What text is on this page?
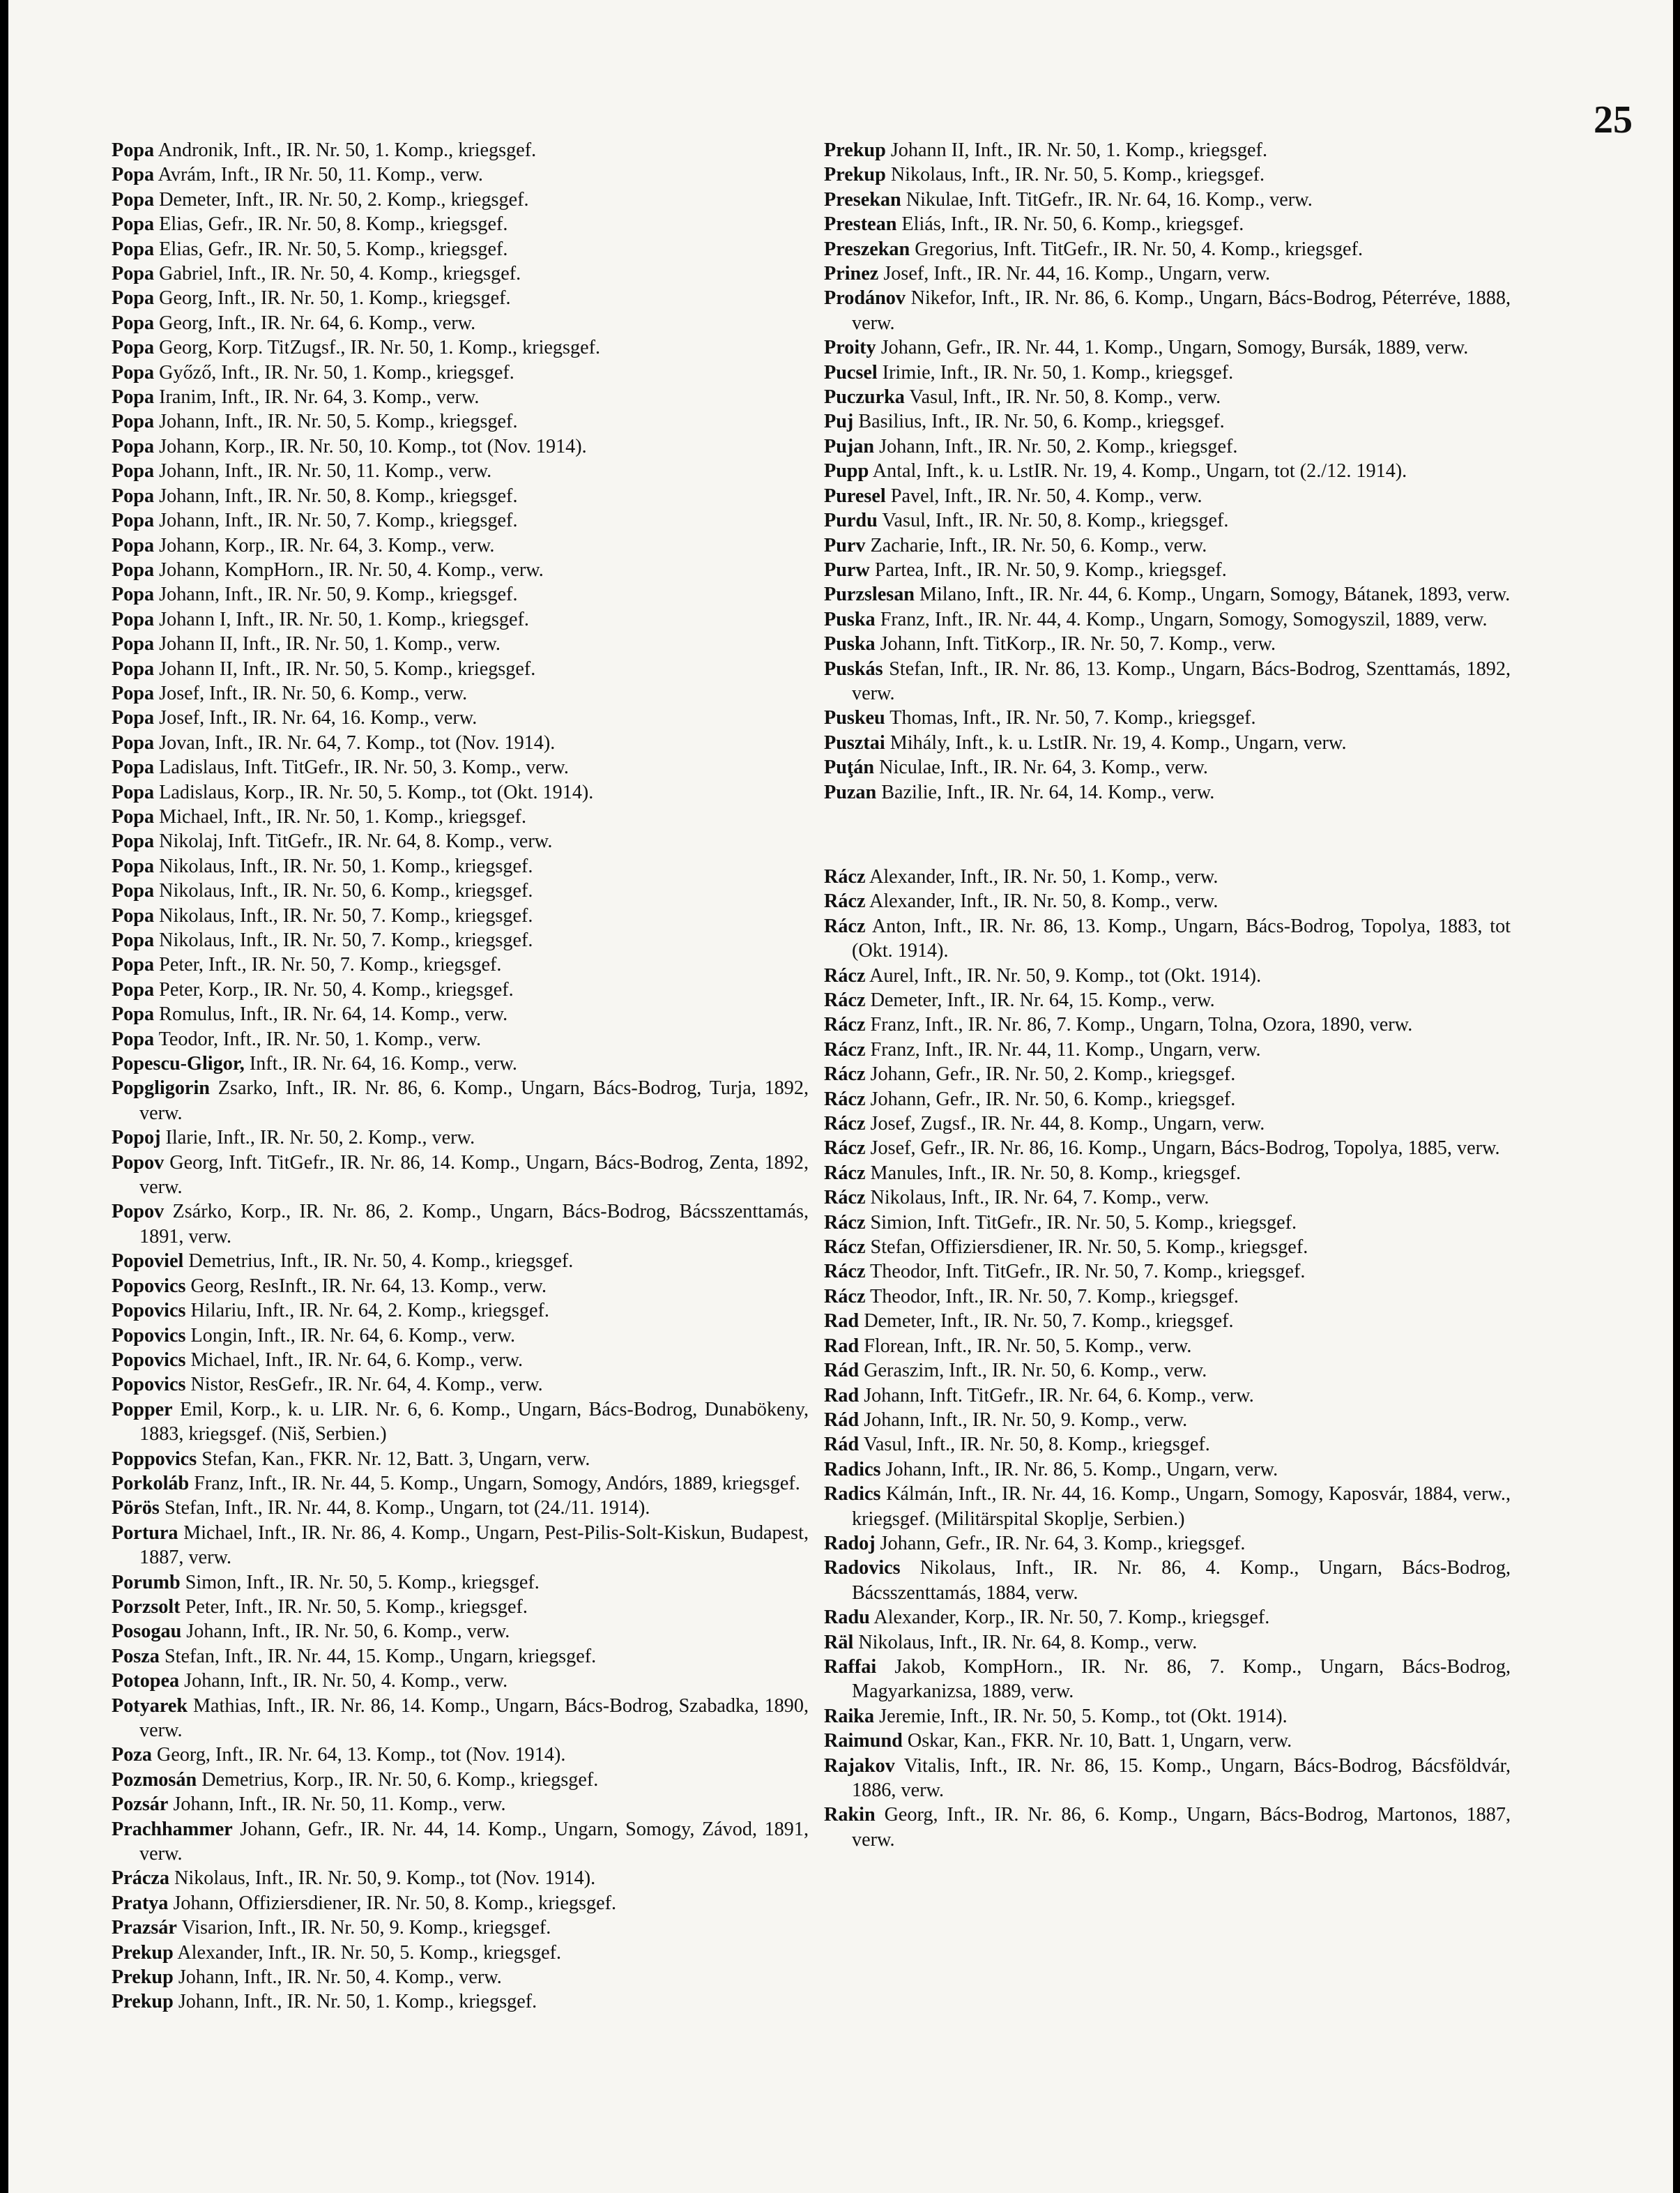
25
Popa Andronik, Inft., IR. Nr. 50, 1. Komp., kriegsgef.
Popa Avrám, Inft., IR Nr. 50, 11. Komp., verw.
Popa Demeter, Inft., IR. Nr. 50, 2. Komp., kriegsgef.
Popa Elias, Gefr., IR. Nr. 50, 8. Komp., kriegsgef.
Popa Elias, Gefr., IR. Nr. 50, 5. Komp., kriegsgef.
Popa Gabriel, Inft., IR. Nr. 50, 4. Komp., kriegsgef.
Popa Georg, Inft., IR. Nr. 50, 1. Komp., kriegsgef.
Popa Georg, Inft., IR. Nr. 64, 6. Komp., verw.
Popa Georg, Korp. TitZugsf., IR. Nr. 50, 1. Komp., kriegsgef.
Popa Győző, Inft., IR. Nr. 50, 1. Komp., kriegsgef.
Popa Iranim, Inft., IR. Nr. 64, 3. Komp., verw.
Popa Johann, Inft., IR. Nr. 50, 5. Komp., kriegsgef.
Popa Johann, Korp., IR. Nr. 50, 10. Komp., tot (Nov. 1914).
Popa Johann, Inft., IR. Nr. 50, 11. Komp., verw.
Popa Johann, Inft., IR. Nr. 50, 8. Komp., kriegsgef.
Popa Johann, Inft., IR. Nr. 50, 7. Komp., kriegsgef.
Popa Johann, Korp., IR. Nr. 64, 3. Komp., verw.
Popa Johann, KompHorn., IR. Nr. 50, 4. Komp., verw.
Popa Johann, Inft., IR. Nr. 50, 9. Komp., kriegsgef.
Popa Johann I, Inft., IR. Nr. 50, 1. Komp., kriegsgef.
Popa Johann II, Inft., IR. Nr. 50, 1. Komp., verw.
Popa Johann II, Inft., IR. Nr. 50, 5. Komp., kriegsgef.
Popa Josef, Inft., IR. Nr. 50, 6. Komp., verw.
Popa Josef, Inft., IR. Nr. 64, 16. Komp., verw.
Popa Jovan, Inft., IR. Nr. 64, 7. Komp., tot (Nov. 1914).
Popa Ladislaus, Inft. TitGefr., IR. Nr. 50, 3. Komp., verw.
Popa Ladislaus, Korp., IR. Nr. 50, 5. Komp., tot (Okt. 1914).
Popa Michael, Inft., IR. Nr. 50, 1. Komp., kriegsgef.
Popa Nikolaj, Inft. TitGefr., IR. Nr. 64, 8. Komp., verw.
Popa Nikolaus, Inft., IR. Nr. 50, 1. Komp., kriegsgef.
Popa Nikolaus, Inft., IR. Nr. 50, 6. Komp., kriegsgef.
Popa Nikolaus, Inft., IR. Nr. 50, 7. Komp., kriegsgef.
Popa Nikolaus, Inft., IR. Nr. 50, 7. Komp., kriegsgef.
Popa Peter, Inft., IR. Nr. 50, 7. Komp., kriegsgef.
Popa Peter, Korp., IR. Nr. 50, 4. Komp., kriegsgef.
Popa Romulus, Inft., IR. Nr. 64, 14. Komp., verw.
Popa Teodor, Inft., IR. Nr. 50, 1. Komp., verw.
Popescu-Gligor, Inft., IR. Nr. 64, 16. Komp., verw.
Popgligorin Zsarko, Inft., IR. Nr. 86, 6. Komp., Ungarn, Bács-Bodrog, Turja, 1892, verw.
Popoj Ilarie, Inft., IR. Nr. 50, 2. Komp., verw.
Popov Georg, Inft. TitGefr., IR. Nr. 86, 14. Komp., Ungarn, Bács-Bodrog, Zenta, 1892, verw.
Popov Zsárko, Korp., IR. Nr. 86, 2. Komp., Ungarn, Bács-Bodrog, Bácsszenttamás, 1891, verw.
Popoviel Demetrius, Inft., IR. Nr. 50, 4. Komp., kriegsgef.
Popovics Georg, ResInft., IR. Nr. 64, 13. Komp., verw.
Popovics Hilariu, Inft., IR. Nr. 64, 2. Komp., kriegsgef.
Popovics Longin, Inft., IR. Nr. 64, 6. Komp., verw.
Popovics Michael, Inft., IR. Nr. 64, 6. Komp., verw.
Popovics Nistor, ResGefr., IR. Nr. 64, 4. Komp., verw.
Popper Emil, Korp., k. u. LIR. Nr. 6, 6. Komp., Ungarn, Bács-Bodrog, Dunabökeny, 1883, kriegsgef. (Niš, Serbien.)
Poppovics Stefan, Kan., FKR. Nr. 12, Batt. 3, Ungarn, verw.
Porkoláb Franz, Inft., IR. Nr. 44, 5. Komp., Ungarn, Somogy, Andórs, 1889, kriegsgef.
Pörös Stefan, Inft., IR. Nr. 44, 8. Komp., Ungarn, tot (24./11. 1914).
Portura Michael, Inft., IR. Nr. 86, 4. Komp., Ungarn, Pest-Pilis-Solt-Kiskun, Budapest, 1887, verw.
Porumb Simon, Inft., IR. Nr. 50, 5. Komp., kriegsgef.
Porzsolt Peter, Inft., IR. Nr. 50, 5. Komp., kriegsgef.
Posogau Johann, Inft., IR. Nr. 50, 6. Komp., verw.
Posza Stefan, Inft., IR. Nr. 44, 15. Komp., Ungarn, kriegsgef.
Potopea Johann, Inft., IR. Nr. 50, 4. Komp., verw.
Potyarek Mathias, Inft., IR. Nr. 86, 14. Komp., Ungarn, Bács-Bodrog, Szabadka, 1890, verw.
Poza Georg, Inft., IR. Nr. 64, 13. Komp., tot (Nov. 1914).
Pozmosán Demetrius, Korp., IR. Nr. 50, 6. Komp., kriegsgef.
Pozsár Johann, Inft., IR. Nr. 50, 11. Komp., verw.
Prachhammer Johann, Gefr., IR. Nr. 44, 14. Komp., Ungarn, Somogy, Závod, 1891, verw.
Práczа Nikolaus, Inft., IR. Nr. 50, 9. Komp., tot (Nov. 1914).
Pratya Johann, Offiziersdiener, IR. Nr. 50, 8. Komp., kriegsgef.
Prazsár Visarion, Inft., IR. Nr. 50, 9. Komp., kriegsgef.
Prekup Alexander, Inft., IR. Nr. 50, 5. Komp., kriegsgef.
Prekup Johann, Inft., IR. Nr. 50, 4. Komp., verw.
Prekup Johann, Inft., IR. Nr. 50, 1. Komp., kriegsgef.
Prekup Johann II, Inft., IR. Nr. 50, 1. Komp., kriegsgef.
Prekup Nikolaus, Inft., IR. Nr. 50, 5. Komp., kriegsgef.
Presekan Nikulae, Inft. TitGefr., IR. Nr. 64, 16. Komp., verw.
Prestean Eliás, Inft., IR. Nr. 50, 6. Komp., kriegsgef.
Preszekan Gregorius, Inft. TitGefr., IR. Nr. 50, 4. Komp., kriegsgef.
Prinez Josef, Inft., IR. Nr. 44, 16. Komp., Ungarn, verw.
Prodánov Nikefor, Inft., IR. Nr. 86, 6. Komp., Ungarn, Bács-Bodrog, Péterréve, 1888, verw.
Proity Johann, Gefr., IR. Nr. 44, 1. Komp., Ungarn, Somogy, Bursák, 1889, verw.
Pucsel Irimie, Inft., IR. Nr. 50, 1. Komp., kriegsgef.
Puczurka Vasul, Inft., IR. Nr. 50, 8. Komp., verw.
Puj Basilius, Inft., IR. Nr. 50, 6. Komp., kriegsgef.
Pujan Johann, Inft., IR. Nr. 50, 2. Komp., kriegsgef.
Pupp Antal, Inft., k. u. LstIR. Nr. 19, 4. Komp., Ungarn, tot (2./12. 1914).
Puresel Pavel, Inft., IR. Nr. 50, 4. Komp., verw.
Purdu Vasul, Inft., IR. Nr. 50, 8. Komp., kriegsgef.
Purv Zacharie, Inft., IR. Nr. 50, 6. Komp., verw.
Purw Partea, Inft., IR. Nr. 50, 9. Komp., kriegsgef.
Purzslesan Milano, Inft., IR. Nr. 44, 6. Komp., Ungarn, Somogy, Bátanek, 1893, verw.
Puska Franz, Inft., IR. Nr. 44, 4. Komp., Ungarn, Somogy, Somogyszil, 1889, verw.
Puska Johann, Inft. TitKorp., IR. Nr. 50, 7. Komp., verw.
Puskás Stefan, Inft., IR. Nr. 86, 13. Komp., Ungarn, Bács-Bodrog, Szenttamás, 1892, verw.
Puskeu Thomas, Inft., IR. Nr. 50, 7. Komp., kriegsgef.
Pusztai Mihály, Inft., k. u. LstIR. Nr. 19, 4. Komp., Ungarn, verw.
Puţán Niculae, Inft., IR. Nr. 64, 3. Komp., verw.
Puzan Bazilie, Inft., IR. Nr. 64, 14. Komp., verw.
Rácz Alexander, Inft., IR. Nr. 50, 1. Komp., verw.
Rácz Alexander, Inft., IR. Nr. 50, 8. Komp., verw.
Rácz Anton, Inft., IR. Nr. 86, 13. Komp., Ungarn, Bács-Bodrog, Topolya, 1883, tot (Okt. 1914).
Rácz Aurel, Inft., IR. Nr. 50, 9. Komp., tot (Okt. 1914).
Rácz Demeter, Inft., IR. Nr. 64, 15. Komp., verw.
Rácz Franz, Inft., IR. Nr. 86, 7. Komp., Ungarn, Tolna, Ozora, 1890, verw.
Rácz Franz, Inft., IR. Nr. 44, 11. Komp., Ungarn, verw.
Rácz Johann, Gefr., IR. Nr. 50, 2. Komp., kriegsgef.
Rácz Johann, Gefr., IR. Nr. 50, 6. Komp., kriegsgef.
Rácz Josef, Zugsf., IR. Nr. 44, 8. Komp., Ungarn, verw.
Rácz Josef, Gefr., IR. Nr. 86, 16. Komp., Ungarn, Bács-Bodrog, Topolya, 1885, verw.
Rácz Manules, Inft., IR. Nr. 50, 8. Komp., kriegsgef.
Rácz Nikolaus, Inft., IR. Nr. 64, 7. Komp., verw.
Rácz Simion, Inft. TitGefr., IR. Nr. 50, 5. Komp., kriegsgef.
Rácz Stefan, Offiziersdiener, IR. Nr. 50, 5. Komp., kriegsgef.
Rácz Theodor, Inft. TitGefr., IR. Nr. 50, 7. Komp., kriegsgef.
Rácz Theodor, Inft., IR. Nr. 50, 7. Komp., kriegsgef.
Rad Demeter, Inft., IR. Nr. 50, 7. Komp., kriegsgef.
Rad Florean, Inft., IR. Nr. 50, 5. Komp., verw.
Rád Geraszim, Inft., IR. Nr. 50, 6. Komp., verw.
Rad Johann, Inft. TitGefr., IR. Nr. 64, 6. Komp., verw.
Rád Johann, Inft., IR. Nr. 50, 9. Komp., verw.
Rád Vasul, Inft., IR. Nr. 50, 8. Komp., kriegsgef.
Radics Johann, Inft., IR. Nr. 86, 5. Komp., Ungarn, verw.
Radics Kálmán, Inft., IR. Nr. 44, 16. Komp., Ungarn, Somogy, Kaposvár, 1884, verw., kriegsgef. (Militärspital Skoplje, Serbien.)
Radoj Johann, Gefr., IR. Nr. 64, 3. Komp., kriegsgef.
Radovics Nikolaus, Inft., IR. Nr. 86, 4. Komp., Ungarn, Bács-Bodrog, Bácsszenttamás, 1884, verw.
Radu Alexander, Korp., IR. Nr. 50, 7. Komp., kriegsgef.
Räl Nikolaus, Inft., IR. Nr. 64, 8. Komp., verw.
Raffai Jakob, KompHorn., IR. Nr. 86, 7. Komp., Ungarn, Bács-Bodrog, Magyarkanizsa, 1889, verw.
Raika Jeremie, Inft., IR. Nr. 50, 5. Komp., tot (Okt. 1914).
Raimund Oskar, Kan., FKR. Nr. 10, Batt. 1, Ungarn, verw.
Rajakov Vitalis, Inft., IR. Nr. 86, 15. Komp., Ungarn, Bács-Bodrog, Bácsföldvár, 1886, verw.
Rakin Georg, Inft., IR. Nr. 86, 6. Komp., Ungarn, Bács-Bodrog, Martonos, 1887, verw.
